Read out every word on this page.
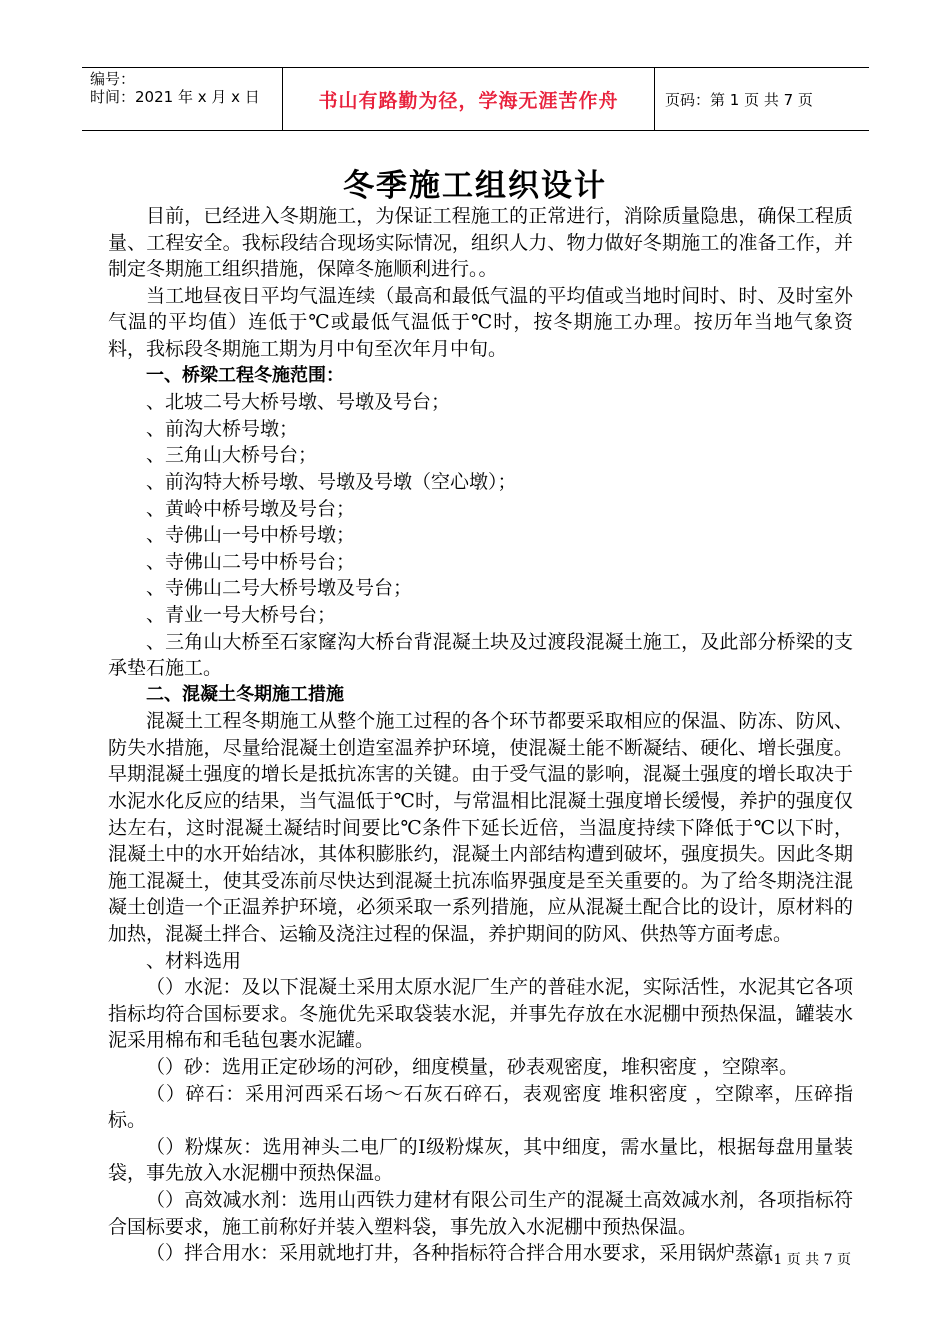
编号：
时间：2021 年 x 月 x 日	书山有路勤为径，学海无涯苦作舟	页码：第 1 页 共 7 页
冬季施工组织设计

目前，已经进入冬期施工，为保证工程施工的正常进行，消除质量隐患，确保工程质量、工程安全。我标段结合现场实际情况，组织人力、物力做好冬期施工的准备工作，并制定冬期施工组织措施，保障冬施顺利进行。。

当工地昼夜日平均气温连续（最高和最低气温的平均值或当地时间时、时、及时室外气温的平均值）连低于℃或最低气温低于℃时，按冬期施工办理。按历年当地气象资料，我标段冬期施工期为月中旬至次年月中旬。

一、桥梁工程冬施范围：

、北坡二号大桥号墩、号墩及号台；

、前沟大桥号墩；

、三角山大桥号台；

、前沟特大桥号墩、号墩及号墩（空心墩）；

、黄岭中桥号墩及号台；

、寺佛山一号中桥号墩；

、寺佛山二号中桥号台；

、寺佛山二号大桥号墩及号台；

、青业一号大桥号台；

、三角山大桥至石家窿沟大桥台背混凝土块及过渡段混凝土施工，及此部分桥梁的支承垫石施工。

二、混凝土冬期施工措施

混凝土工程冬期施工从整个施工过程的各个环节都要采取相应的保温、防冻、防风、防失水措施，尽量给混凝土创造室温养护环境，使混凝土能不断凝结、硬化、增长强度。早期混凝土强度的增长是抵抗冻害的关键。由于受气温的影响，混凝土强度的增长取决于水泥水化反应的结果，当气温低于℃时，与常温相比混凝土强度增长缓慢，养护的强度仅达左右，这时混凝土凝结时间要比℃条件下延长近倍，当温度持续下降低于℃以下时，混凝土中的水开始结冰，其体积膨胀约，混凝土内部结构遭到破坏，强度损失。因此冬期施工混凝土，使其受冻前尽快达到混凝土抗冻临界强度是至关重要的。为了给冬期浇注混凝土创造一个正温养护环境，必须采取一系列措施，应从混凝土配合比的设计，原材料的加热，混凝土拌合、运输及浇注过程的保温，养护期间的防风、供热等方面考虑。

、材料选用

（）水泥：及以下混凝土采用太原水泥厂生产的普硅水泥，实际活性，水泥其它各项指标均符合国标要求。冬施优先采取袋装水泥，并事先存放在水泥棚中预热保温，罐装水泥采用棉布和毛毡包裹水泥罐。

（）砂：选用正定砂场的河砂，细度模量，砂表观密度，堆积密度 ，空隙率。

（）碎石：采用河西采石场～石灰石碎石，表观密度 堆积密度 ，空隙率，压碎指标。

（）粉煤灰：选用神头二电厂的Ⅰ级粉煤灰，其中细度，需水量比，根据每盘用量装袋，事先放入水泥棚中预热保温。

（）高效减水剂：选用山西铁力建材有限公司生产的混凝土高效减水剂，各项指标符合国标要求，施工前称好并装入塑料袋，事先放入水泥棚中预热保温。

（）拌合用水：采用就地打井，各种指标符合拌合用水要求，采用锅炉蒸汽

第 1 页 共 7 页
